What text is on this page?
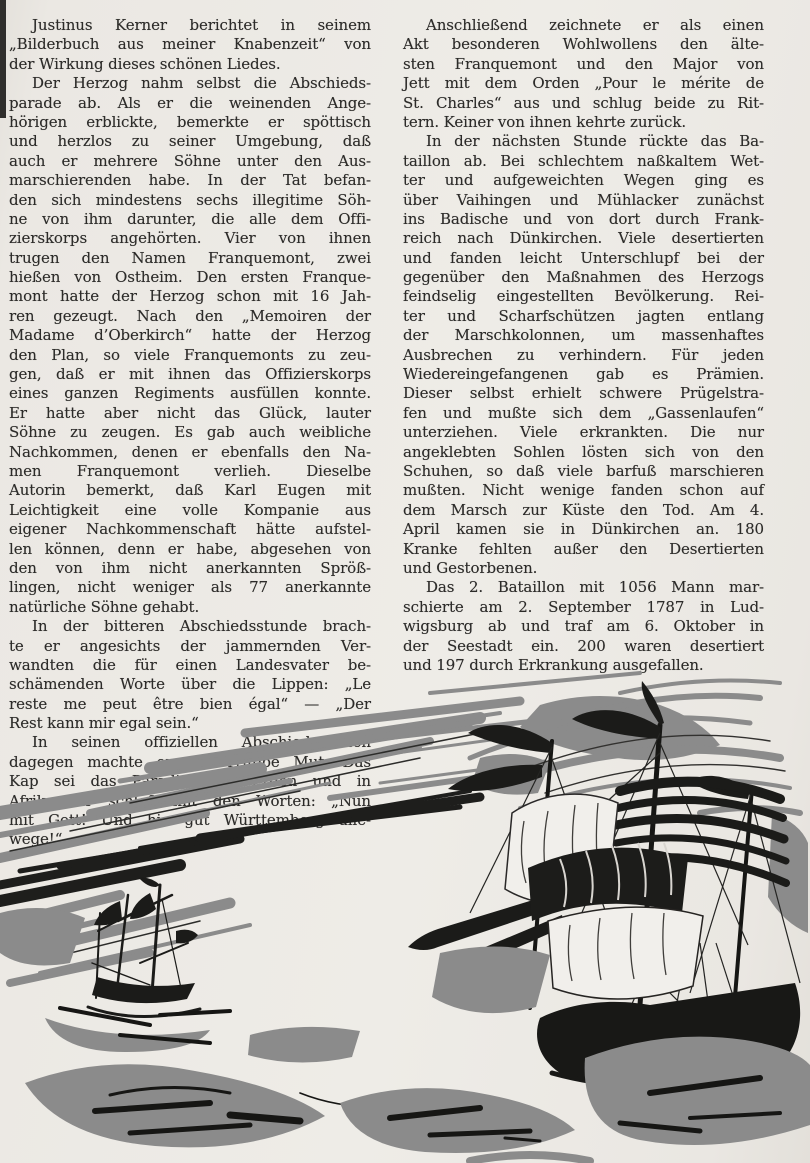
Justinus Kerner berichtet in seinem
„Bilderbuch aus meiner Knabenzeit“ von
der Wirkung dieses schönen Liedes.
Der Herzog nahm selbst die Abschieds-
parade ab. Als er die weinenden Ange-
hörigen erblickte, bemerkte er spöttisch
und herzlos zu seiner Umgebung, daß
auch er mehrere Söhne unter den Aus-
marschierenden habe. In der Tat befan-
den sich mindestens sechs illegitime Söh-
ne von ihm darunter, die alle dem Offi-
zierskorps angehörten. Vier von ihnen
trugen den Namen Franquemont, zwei
hießen von Ostheim. Den ersten Franque-
mont hatte der Herzog schon mit 16 Jah-
ren gezeugt. Nach den „Memoiren der
Madame d’Oberkirch“ hatte der Herzog
den Plan, so viele Franquemonts zu zeu-
gen, daß er mit ihnen das Offizierskorps
eines ganzen Regiments ausfüllen konnte.
Er hatte aber nicht das Glück, lauter
Söhne zu zeugen. Es gab auch weibliche
Nachkommen, denen er ebenfalls den Na-
men Franquemont verlieh. Dieselbe
Autorin bemerkt, daß Karl Eugen mit
Leichtigkeit eine volle Kompanie aus
eigener Nachkommenschaft hätte aufstel-
len können, denn er habe, abgesehen von
den von ihm nicht anerkannten Spröß-
lingen, nicht weniger als 77 anerkannte
natürliche Söhne gehabt.
In der bitteren Abschiedsstunde brach-
te er angesichts der jammernden Ver-
wandten die für einen Landesvater be-
schämenden Worte über die Lippen: „Le
reste me peut être bien égal“ — „Der
Rest kann mir egal sein.“
In seinen offiziellen Abschiedsworten
dagegen machte er der Truppe Mut. Das
Kap sei das Paradies auf Erden und in
Afrika. Er schloß mit den Worten: „Nun
mit Gott! Und hie gut Württemberg alle-
wege!“
Anschließend zeichnete er als einen
Akt besonderen Wohlwollens den älte-
sten Franquemont und den Major von
Jett mit dem Orden „Pour le mérite de
St. Charles“ aus und schlug beide zu Rit-
tern. Keiner von ihnen kehrte zurück.
In der nächsten Stunde rückte das Ba-
taillon ab. Bei schlechtem naßkaltem Wet-
ter und aufgeweichten Wegen ging es
über Vaihingen und Mühlacker zunächst
ins Badische und von dort durch Frank-
reich nach Dünkirchen. Viele desertierten
und fanden leicht Unterschlupf bei der
gegenüber den Maßnahmen des Herzogs
feindselig eingestellten Bevölkerung. Rei-
ter und Scharfschützen jagten entlang
der Marschkolonnen, um massenhaftes
Ausbrechen zu verhindern. Für jeden
Wiedereingefangenen gab es Prämien.
Dieser selbst erhielt schwere Prügelstra-
fen und mußte sich dem „Gassenlaufen“
unterziehen. Viele erkrankten. Die nur
angeklebten Sohlen lösten sich von den
Schuhen, so daß viele barfuß marschieren
mußten. Nicht wenige fanden schon auf
dem Marsch zur Küste den Tod. Am 4.
April kamen sie in Dünkirchen an. 180
Kranke fehlten außer den Desertierten
und Gestorbenen.
Das 2. Bataillon mit 1056 Mann mar-
schierte am 2. September 1787 in Lud-
wigsburg ab und traf am 6. Oktober in
der Seestadt ein. 200 waren desertiert
und 197 durch Erkrankung ausgefallen.
